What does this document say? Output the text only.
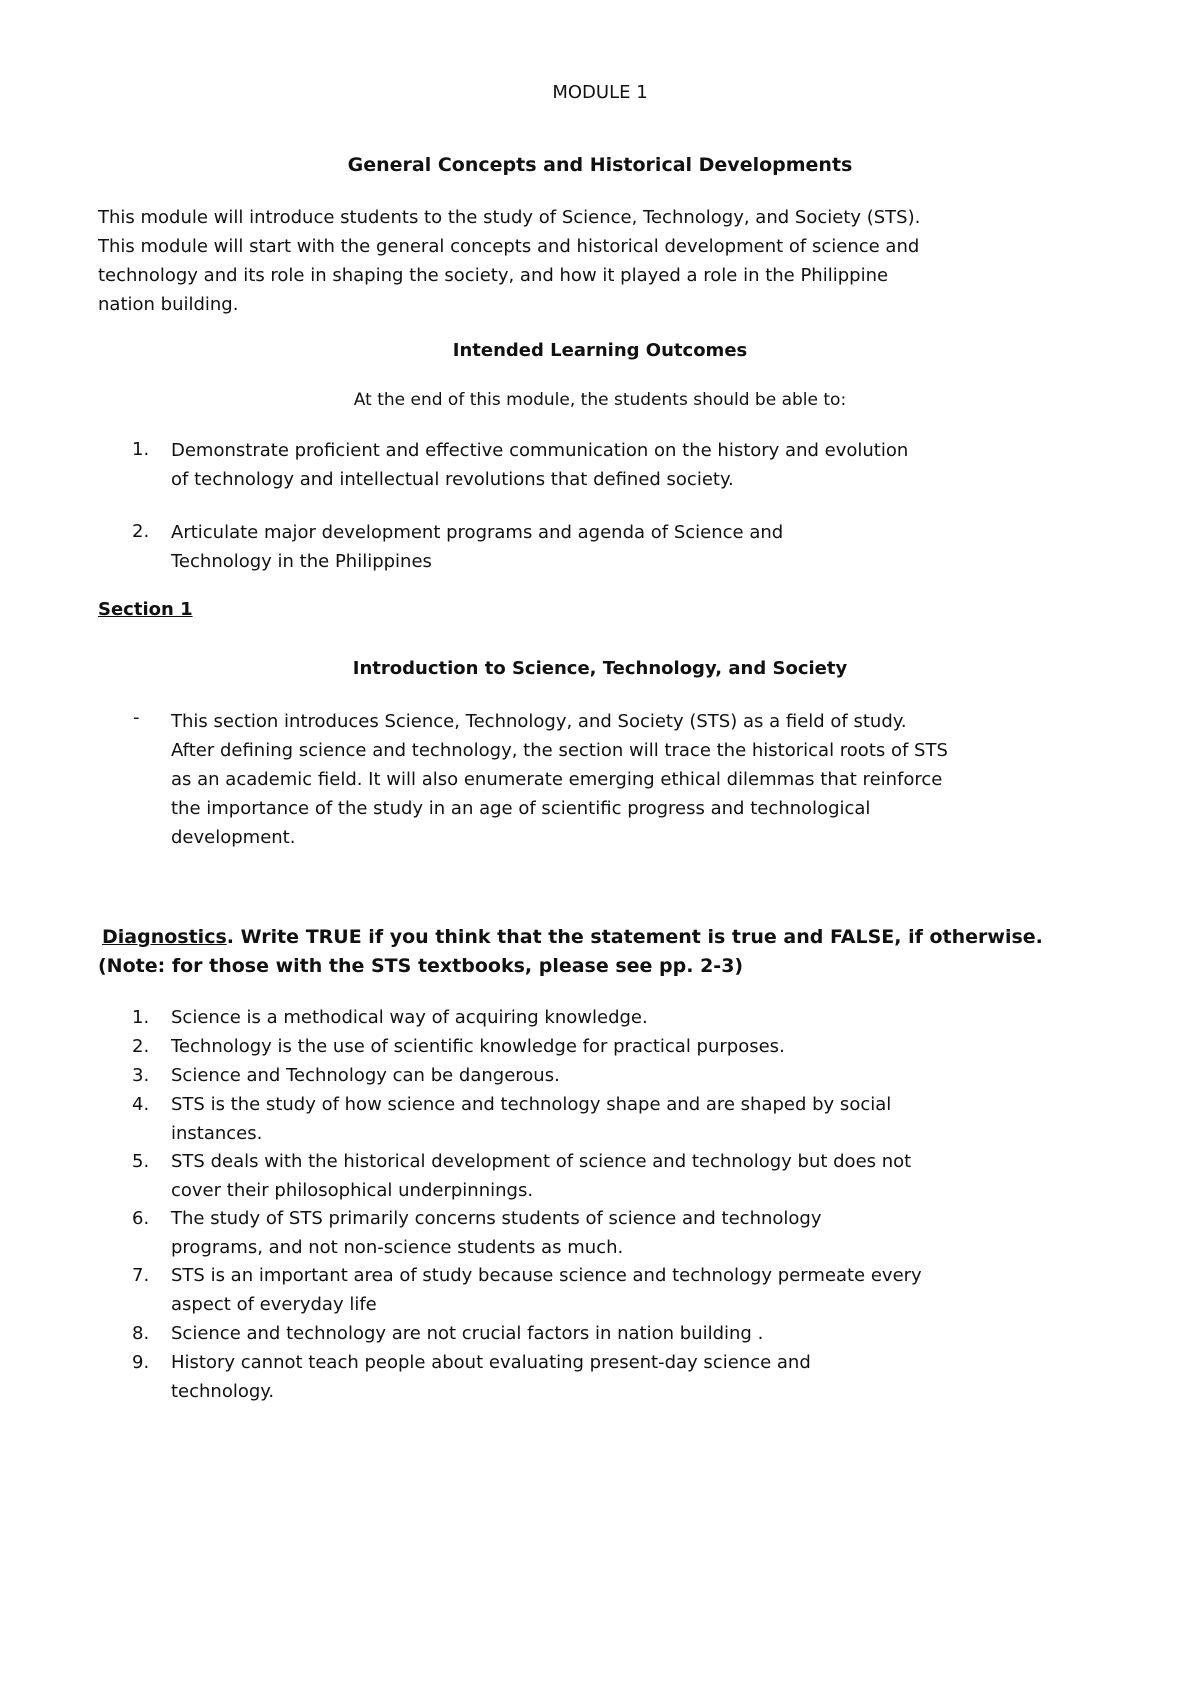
MODULE 1
General Concepts and Historical Developments
This module will introduce students to the study of Science, Technology, and Society (STS).
This module will start with the general concepts and historical development of science and
technology and its role in shaping the society, and how it played a role in the Philippine
nation building.
Intended Learning Outcomes
At the end of this module, the students should be able to:
1. Demonstrate proficient and effective communication on the history and evolution
of technology and intellectual revolutions that defined society.
2. Articulate major development programs and agenda of Science and
Technology in the Philippines
Section 1
Introduction to Science, Technology, and Society
- This section introduces Science, Technology, and Society (STS) as a field of study.
After defining science and technology, the section will trace the historical roots of STS
as an academic field. It will also enumerate emerging ethical dilemmas that reinforce
the importance of the study in an age of scientific progress and technological
development.
Diagnostics. Write TRUE if you think that the statement is true and FALSE, if otherwise.
(Note: for those with the STS textbooks, please see pp. 2-3)
1. Science is a methodical way of acquiring knowledge.
2. Technology is the use of scientific knowledge for practical purposes.
3. Science and Technology can be dangerous.
4. STS is the study of how science and technology shape and are shaped by social
instances.
5. STS deals with the historical development of science and technology but does not
cover their philosophical underpinnings.
6. The study of STS primarily concerns students of science and technology
programs, and not non-science students as much.
7. STS is an important area of study because science and technology permeate every
aspect of everyday life
8. Science and technology are not crucial factors in nation building .
9. History cannot teach people about evaluating present-day science and
technology.
